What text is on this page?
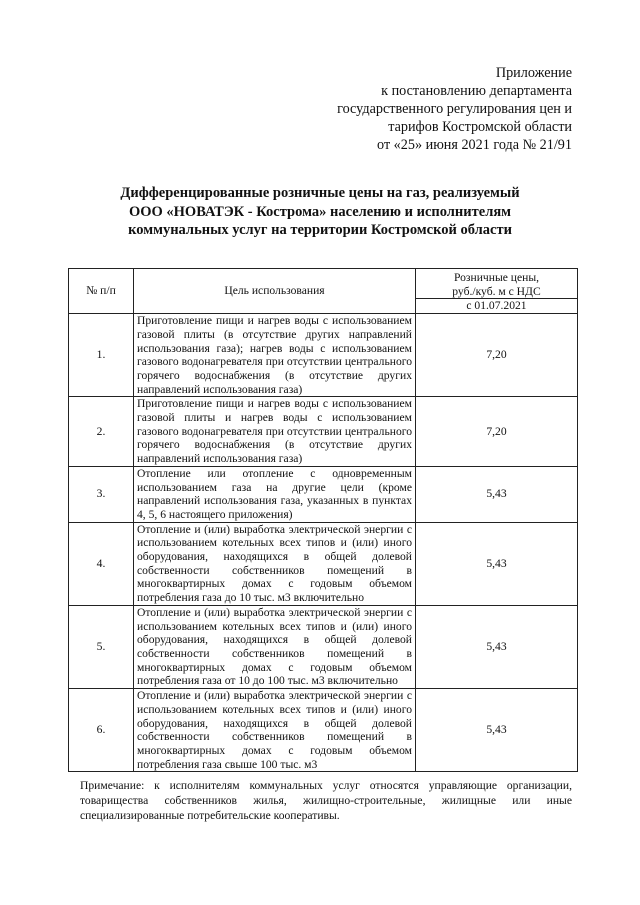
Приложение
к постановлению департамента
государственного регулирования цен и
тарифов Костромской области
от «25» июня 2021 года № 21/91
Дифференцированные розничные цены на газ, реализуемый
ООО «НОВАТЭК - Кострома» населению и исполнителям
коммунальных услуг на территории Костромской области
№ п/п	Цель использования	Розничные цены,
руб./куб. м с НДС

		с 01.07.2021
1.	Приготовление пищи и нагрев воды с использованием газовой плиты (в отсутствие других направлений использования газа); нагрев воды с использованием газового водонагревателя при отсутствии центрального горячего водоснабжения (в отсутствие других направлений использования газа)	7,20
2.	Приготовление пищи и нагрев воды с использованием газовой плиты и нагрев воды с использованием газового водонагревателя при отсутствии центрального горячего водоснабжения (в отсутствие других направлений использования газа)	7,20
3.	Отопление или отопление с одновременным использованием газа на другие цели (кроме направлений использования газа, указанных в пунктах 4, 5, 6 настоящего приложения)	5,43
4.	Отопление и (или) выработка электрической энергии с использованием котельных всех типов и (или) иного оборудования, находящихся в общей долевой собственности собственников помещений в многоквартирных домах с годовым объемом потребления газа до 10 тыс. м3 включительно	5,43
5.	Отопление и (или) выработка электрической энергии с использованием котельных всех типов и (или) иного оборудования, находящихся в общей долевой собственности собственников помещений в многоквартирных домах с годовым объемом потребления газа от 10 до 100 тыс. м3 включительно	5,43
6.	Отопление и (или) выработка электрической энергии с использованием котельных всех типов и (или) иного оборудования, находящихся в общей долевой собственности собственников помещений в многоквартирных домах с годовым объемом потребления газа свыше 100 тыс. м3	5,43
Примечание: к исполнителям коммунальных услуг относятся управляющие организации, товарищества собственников жилья, жилищно-строительные, жилищные или иные специализированные потребительские кооперативы.
